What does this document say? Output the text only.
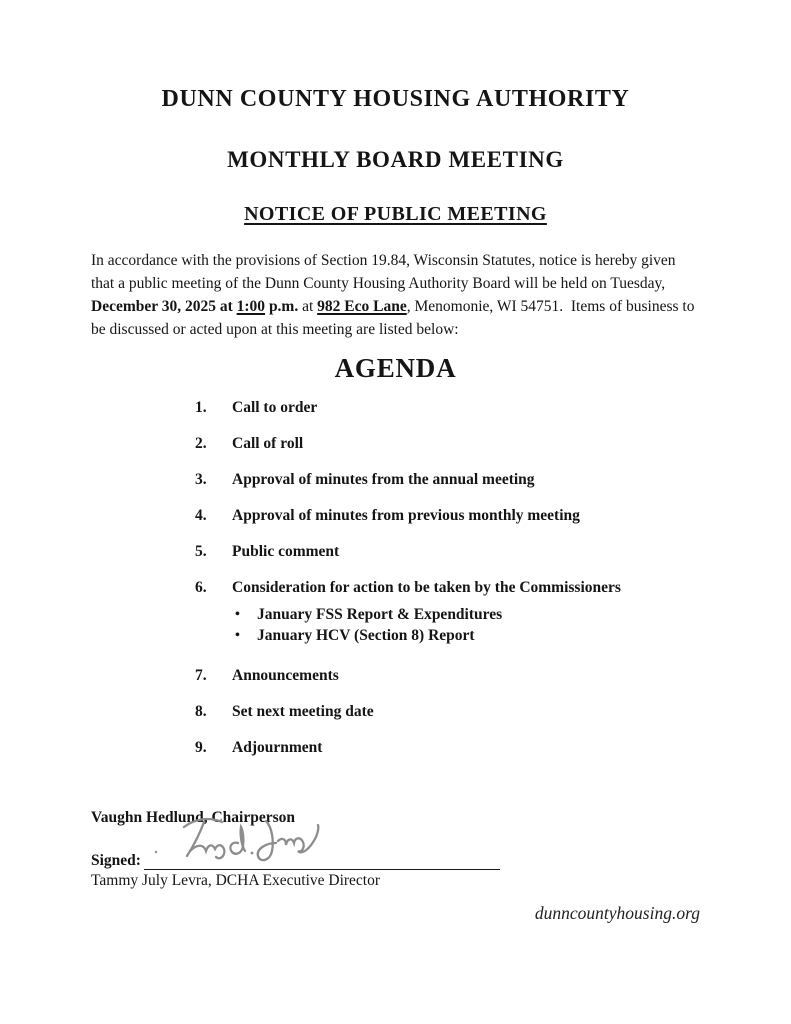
DUNN COUNTY HOUSING AUTHORITY
MONTHLY BOARD MEETING
NOTICE OF PUBLIC MEETING

In accordance with the provisions of Section 19.84, Wisconsin Statutes, notice is hereby given that a public meeting of the Dunn County Housing Authority Board will be held on Tuesday, December 30, 2025 at 1:00 p.m. at 982 Eco Lane, Menomonie, WI 54751.  Items of business to be discussed or acted upon at this meeting are listed below:

AGENDA
1.	Call to order
2.	Call of roll
3.	Approval of minutes from the annual meeting
4.	Approval of minutes from previous monthly meeting
5.	Public comment
6.	Consideration for action to be taken by the Commissioners
•	January FSS Report & Expenditures
•	January HCV (Section 8) Report
7.	Announcements
8.	Set next meeting date
9.	Adjournment
Vaughn Hedlund, Chairperson
Signed:
Tammy July Levra, DCHA Executive Director
dunncountyhousing.org
